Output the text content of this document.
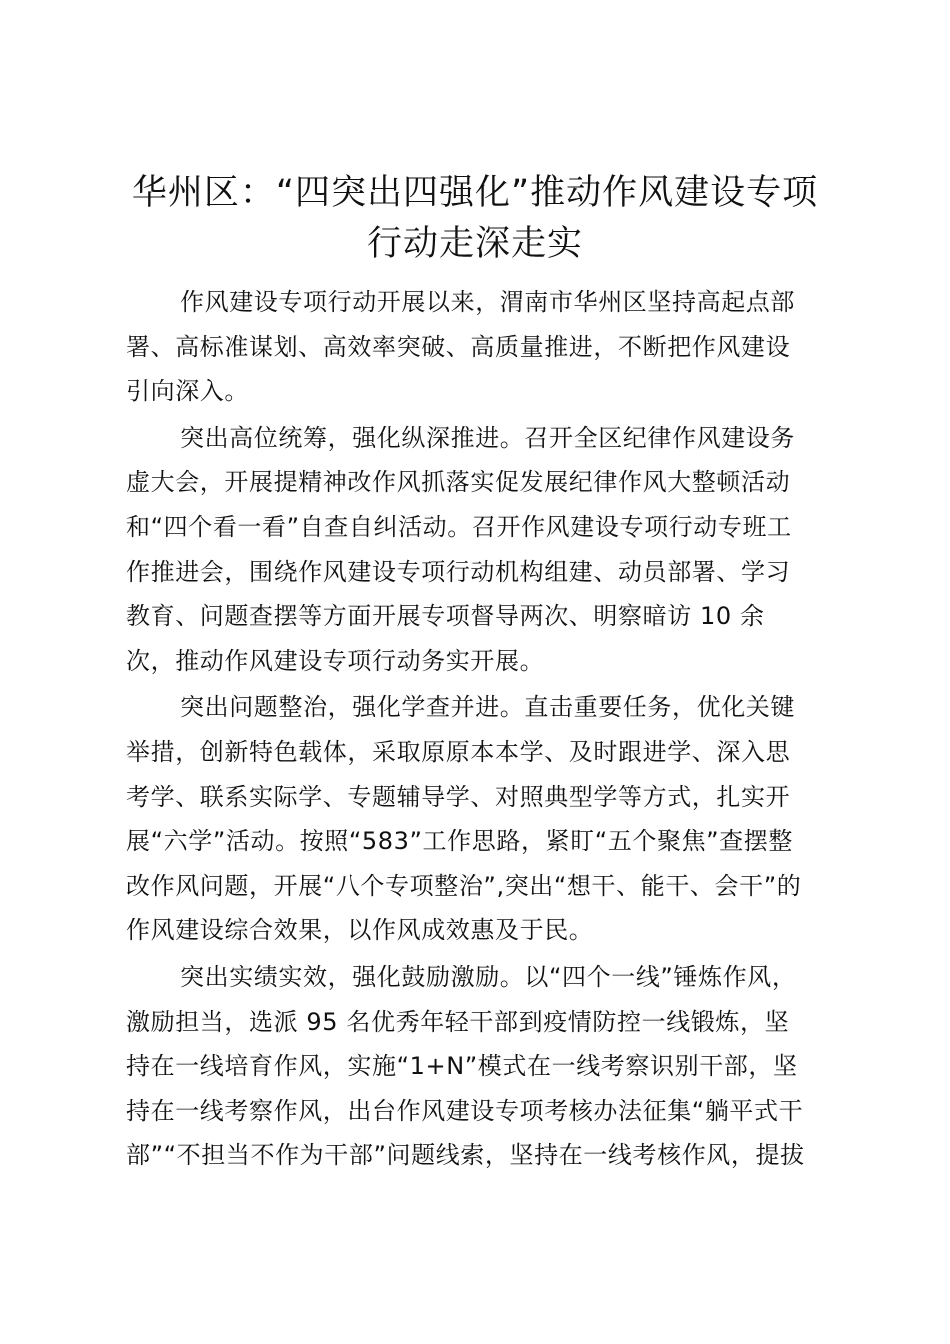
华州区：“四突出四强化”推动作风建设专项
行动走深走实

作风建设专项行动开展以来，渭南市华州区坚持高起点部
署、高标准谋划、高效率突破、高质量推进，不断把作风建设
引向深入。

突出高位统筹，强化纵深推进。召开全区纪律作风建设务
虚大会，开展提精神改作风抓落实促发展纪律作风大整顿活动
和“四个看一看”自查自纠活动。召开作风建设专项行动专班工
作推进会，围绕作风建设专项行动机构组建、动员部署、学习
教育、问题查摆等方面开展专项督导两次、明察暗访 10 余
次，推动作风建设专项行动务实开展。

突出问题整治，强化学查并进。直击重要任务，优化关键
举措，创新特色载体，采取原原本本学、及时跟进学、深入思
考学、联系实际学、专题辅导学、对照典型学等方式，扎实开
展“六学”活动。按照“583”工作思路，紧盯“五个聚焦”查摆整
改作风问题，开展“八个专项整治”,突出“想干、能干、会干”的
作风建设综合效果，以作风成效惠及于民。

突出实绩实效，强化鼓励激励。以“四个一线”锤炼作风，
激励担当，选派 95 名优秀年轻干部到疫情防控一线锻炼，坚
持在一线培育作风，实施“1+N”模式在一线考察识别干部，坚
持在一线考察作风，出台作风建设专项考核办法征集“躺平式干
部”“不担当不作为干部”问题线索，坚持在一线考核作风，提拔
